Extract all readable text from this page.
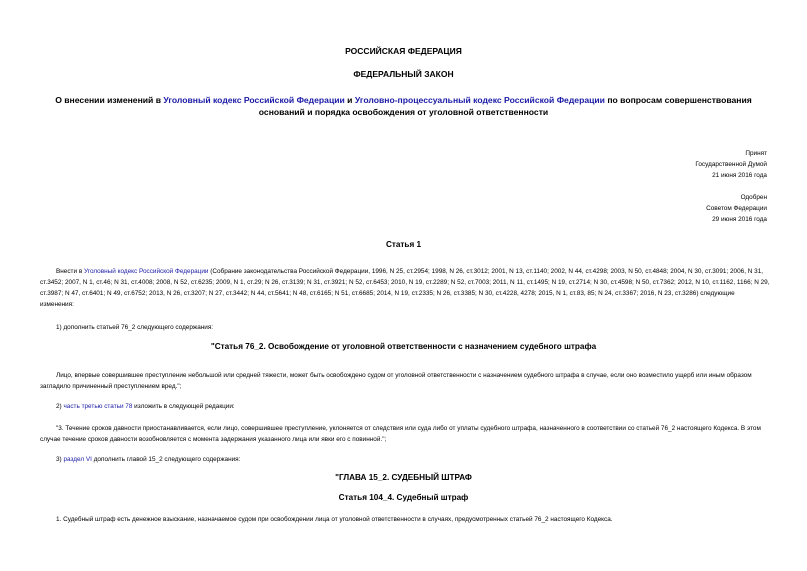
РОССИЙСКАЯ ФЕДЕРАЦИЯ
ФЕДЕРАЛЬНЫЙ ЗАКОН
О внесении изменений в Уголовный кодекс Российской Федерации и Уголовно-процессуальный кодекс Российской Федерации по вопросам совершенствования оснований и порядка освобождения от уголовной ответственности
Принят
Государственной Думой
21 июня 2016 года
Одобрен
Советом Федерации
29 июня 2016 года
Статья 1
Внести в Уголовный кодекс Российской Федерации (Собрание законодательства Российской Федерации, 1996, N 25, ст.2954; 1998, N 26, ст.3012; 2001, N 13, ст.1140; 2002, N 44, ст.4298; 2003, N 50, ст.4848; 2004, N 30, ст.3091; 2006, N 31, ст.3452; 2007, N 1, ст.46; N 31, ст.4008; 2008, N 52, ст.6235; 2009, N 1, ст.29; N 26, ст.3139; N 31, ст.3921; N 52, ст.6453; 2010, N 19, ст.2289; N 52, ст.7003; 2011, N 11, ст.1495; N 19, ст.2714; N 30, ст.4598; N 50, ст.7362; 2012, N 10, ст.1162, 1166; N 29, ст.3987; N 47, ст.6401; N 49, ст.6752; 2013, N 26, ст.3207; N 27, ст.3442; N 44, ст.5641; N 48, ст.6165; N 51, ст.6685; 2014, N 19, ст.2335; N 26, ст.3385; N 30, ст.4228, 4278; 2015, N 1, ст.83, 85; N 24, ст.3367; 2016, N 23, ст.3286) следующие изменения:
1) дополнить статьей 76_2 следующего содержания:
"Статья 76_2. Освобождение от уголовной ответственности с назначением судебного штрафа
Лицо, впервые совершившее преступление небольшой или средней тяжести, может быть освобождено судом от уголовной ответственности с назначением судебного штрафа в случае, если оно возместило ущерб или иным образом загладило причиненный преступлением вред.";
2) часть третью статьи 78 изложить в следующей редакции:
"3. Течение сроков давности приостанавливается, если лицо, совершившее преступление, уклоняется от следствия или суда либо от уплаты судебного штрафа, назначенного в соответствии со статьей 76_2 настоящего Кодекса. В этом случае течение сроков давности возобновляется с момента задержания указанного лица или явки его с повинной.";
3) раздел VI дополнить главой 15_2 следующего содержания:
"ГЛАВА 15_2. СУДЕБНЫЙ ШТРАФ
Статья 104_4. Судебный штраф
1. Судебный штраф есть денежное взыскание, назначаемое судом при освобождении лица от уголовной ответственности в случаях, предусмотренных статьей 76_2 настоящего Кодекса.
